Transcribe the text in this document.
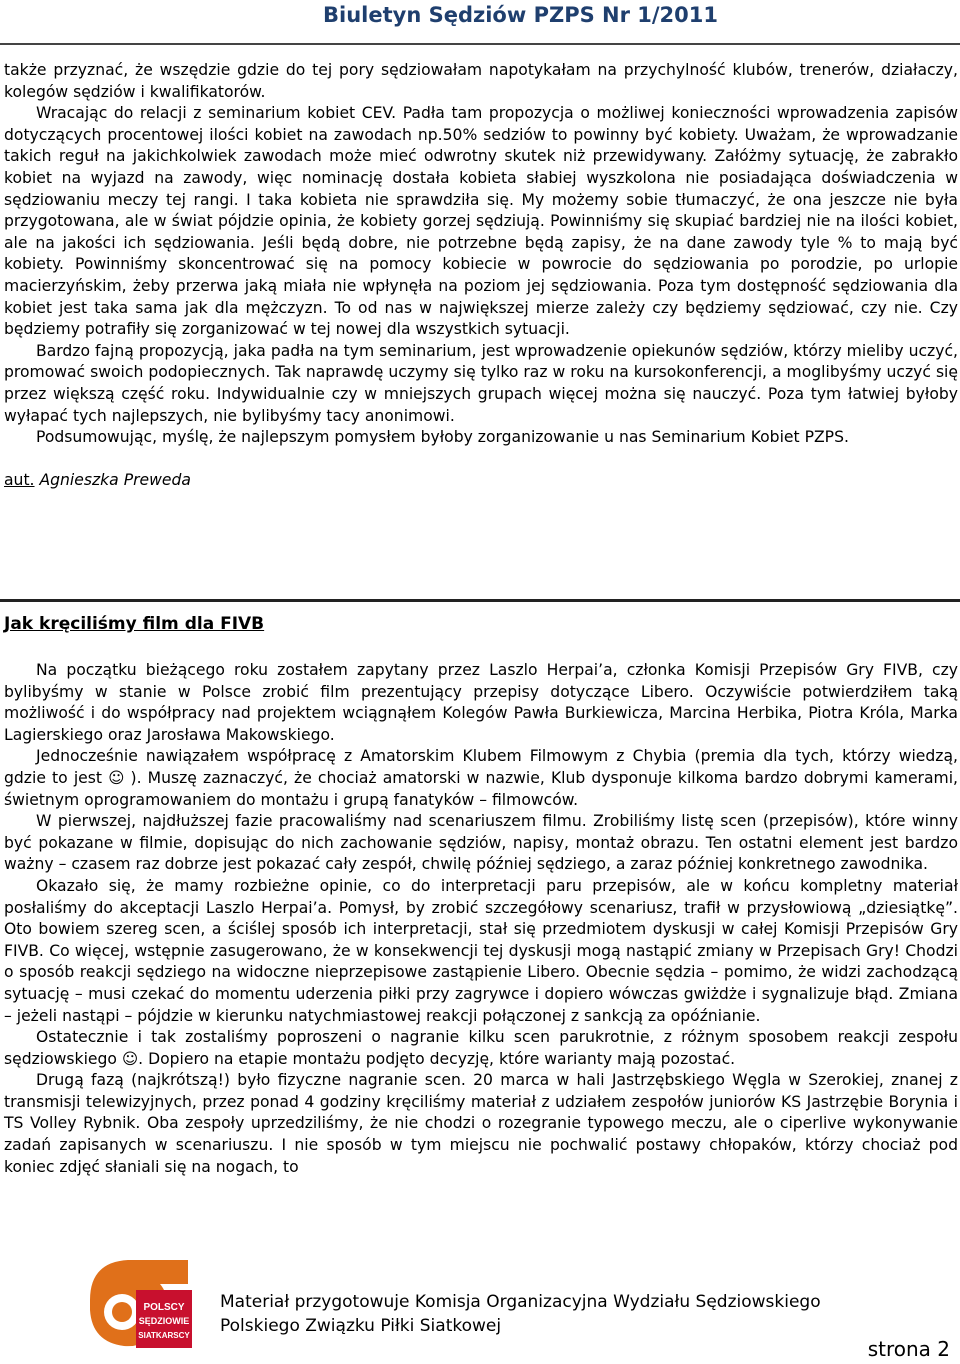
Biuletyn Sędziów PZPS Nr 1/2011

także przyznać, że wszędzie gdzie do tej pory sędziowałam napotykałam na przychylność klubów, trenerów, działaczy, kolegów sędziów i kwalifikatorów.

Wracając do relacji z seminarium kobiet CEV. Padła tam propozycja o możliwej konieczności wprowadzenia zapisów dotyczących procentowej ilości kobiet na zawodach np.50% sedziów to powinny być kobiety. Uważam, że wprowadzanie takich reguł na jakichkolwiek zawodach może mieć odwrotny skutek niż przewidywany. Załóżmy sytuację, że zabrakło kobiet na wyjazd na zawody, więc nominację dostała kobieta słabiej wyszkolona nie posiadająca doświadczenia w sędziowaniu meczy tej rangi. I taka kobieta nie sprawdziła się. My możemy sobie tłumaczyć, że ona jeszcze nie była przygotowana, ale w świat pójdzie opinia, że kobiety gorzej sędziują. Powinniśmy się skupiać bardziej nie na ilości kobiet, ale na jakości ich sędziowania. Jeśli będą dobre, nie potrzebne będą zapisy, że na dane zawody tyle % to mają być kobiety. Powinniśmy skoncentrować się na pomocy kobiecie w powrocie do sędziowania po porodzie, po urlopie macierzyńskim, żeby przerwa jaką miała nie wpłynęła na poziom jej sędziowania. Poza tym dostępność sędziowania dla kobiet jest taka sama jak dla mężczyzn. To od nas w największej mierze zależy czy będziemy sędziować, czy nie. Czy będziemy potrafiły się zorganizować w tej nowej dla wszystkich sytuacji.

Bardzo fajną propozycją, jaka padła na tym seminarium, jest wprowadzenie opiekunów sędziów, którzy mieliby uczyć, promować swoich podopiecznych. Tak naprawdę uczymy się tylko raz w roku na kursokonferencji, a moglibyśmy uczyć się przez większą część roku. Indywidualnie czy w mniejszych grupach więcej można się nauczyć. Poza tym łatwiej byłoby wyłapać tych najlepszych, nie bylibyśmy tacy anonimowi.

Podsumowując, myślę, że najlepszym pomysłem byłoby zorganizowanie u nas Seminarium Kobiet PZPS.

aut. Agnieszka Preweda

Jak kręciliśmy film dla FIVB

Na początku bieżącego roku zostałem zapytany przez Laszlo Herpai’a, członka Komisji Przepisów Gry FIVB, czy bylibyśmy w stanie w Polsce zrobić film prezentujący przepisy dotyczące Libero. Oczywiście potwierdziłem taką możliwość i do współpracy nad projektem wciągnąłem Kolegów Pawła Burkiewicza, Marcina Herbika, Piotra Króla, Marka Lagierskiego oraz Jarosława Makowskiego.

Jednocześnie nawiązałem współpracę z Amatorskim Klubem Filmowym z Chybia (premia dla tych, którzy wiedzą, gdzie to jest ☺ ). Muszę zaznaczyć, że chociaż amatorski w nazwie, Klub dysponuje kilkoma bardzo dobrymi kamerami, świetnym oprogramowaniem do montażu i grupą fanatyków – filmowców.

W pierwszej, najdłuższej fazie pracowaliśmy nad scenariuszem filmu. Zrobiliśmy listę scen (przepisów), które winny być pokazane w filmie, dopisując do nich zachowanie sędziów, napisy, montaż obrazu. Ten ostatni element jest bardzo ważny – czasem raz dobrze jest pokazać cały zespół, chwilę później sędziego, a zaraz później konkretnego zawodnika.

Okazało się, że mamy rozbieżne opinie, co do interpretacji paru przepisów, ale w końcu kompletny materiał posłaliśmy do akceptacji Laszlo Herpai’a. Pomysł, by zrobić szczegółowy scenariusz, trafił w przysłowiową „dziesiątkę”. Oto bowiem szereg scen, a ściślej sposób ich interpretacji, stał się przedmiotem dyskusji w całej Komisji Przepisów Gry FIVB. Co więcej, wstępnie zasugerowano, że w konsekwencji tej dyskusji mogą nastąpić zmiany w Przepisach Gry! Chodzi o sposób reakcji sędziego na widoczne nieprzepisowe zastąpienie Libero. Obecnie sędzia – pomimo, że widzi zachodzącą sytuację – musi czekać do momentu uderzenia piłki przy zagrywce i dopiero wówczas gwiżdże i sygnalizuje błąd. Zmiana – jeżeli nastąpi – pójdzie w kierunku natychmiastowej reakcji połączonej z sankcją za opóźnianie.

Ostatecznie i tak zostaliśmy poproszeni o nagranie kilku scen parukrotnie, z różnym sposobem reakcji zespołu sędziowskiego ☺. Dopiero na etapie montażu podjęto decyzję, które warianty mają pozostać.

Drugą fazą (najkrótszą!) było fizyczne nagranie scen. 20 marca w hali Jastrzębskiego Węgla w Szerokiej, znanej z transmisji telewizyjnych, przez ponad 4 godziny kręciliśmy materiał z udziałem zespołów juniorów KS Jastrzębie Borynia i TS Volley Rybnik. Oba zespoły uprzedziliśmy, że nie chodzi o rozegranie typowego meczu, ale o ciperlive wykonywanie zadań zapisanych w scenariuszu. I nie sposób w tym miejscu nie pochwalić postawy chłopaków, którzy chociaż pod koniec zdjęć słaniali się na nogach, to

POLSCY
SĘDZIOWIE
SIATKARSCY
Materiał przygotowuje Komisja Organizacyjna Wydziału Sędziowskiego
Polskiego Związku Piłki Siatkowej
strona 2
